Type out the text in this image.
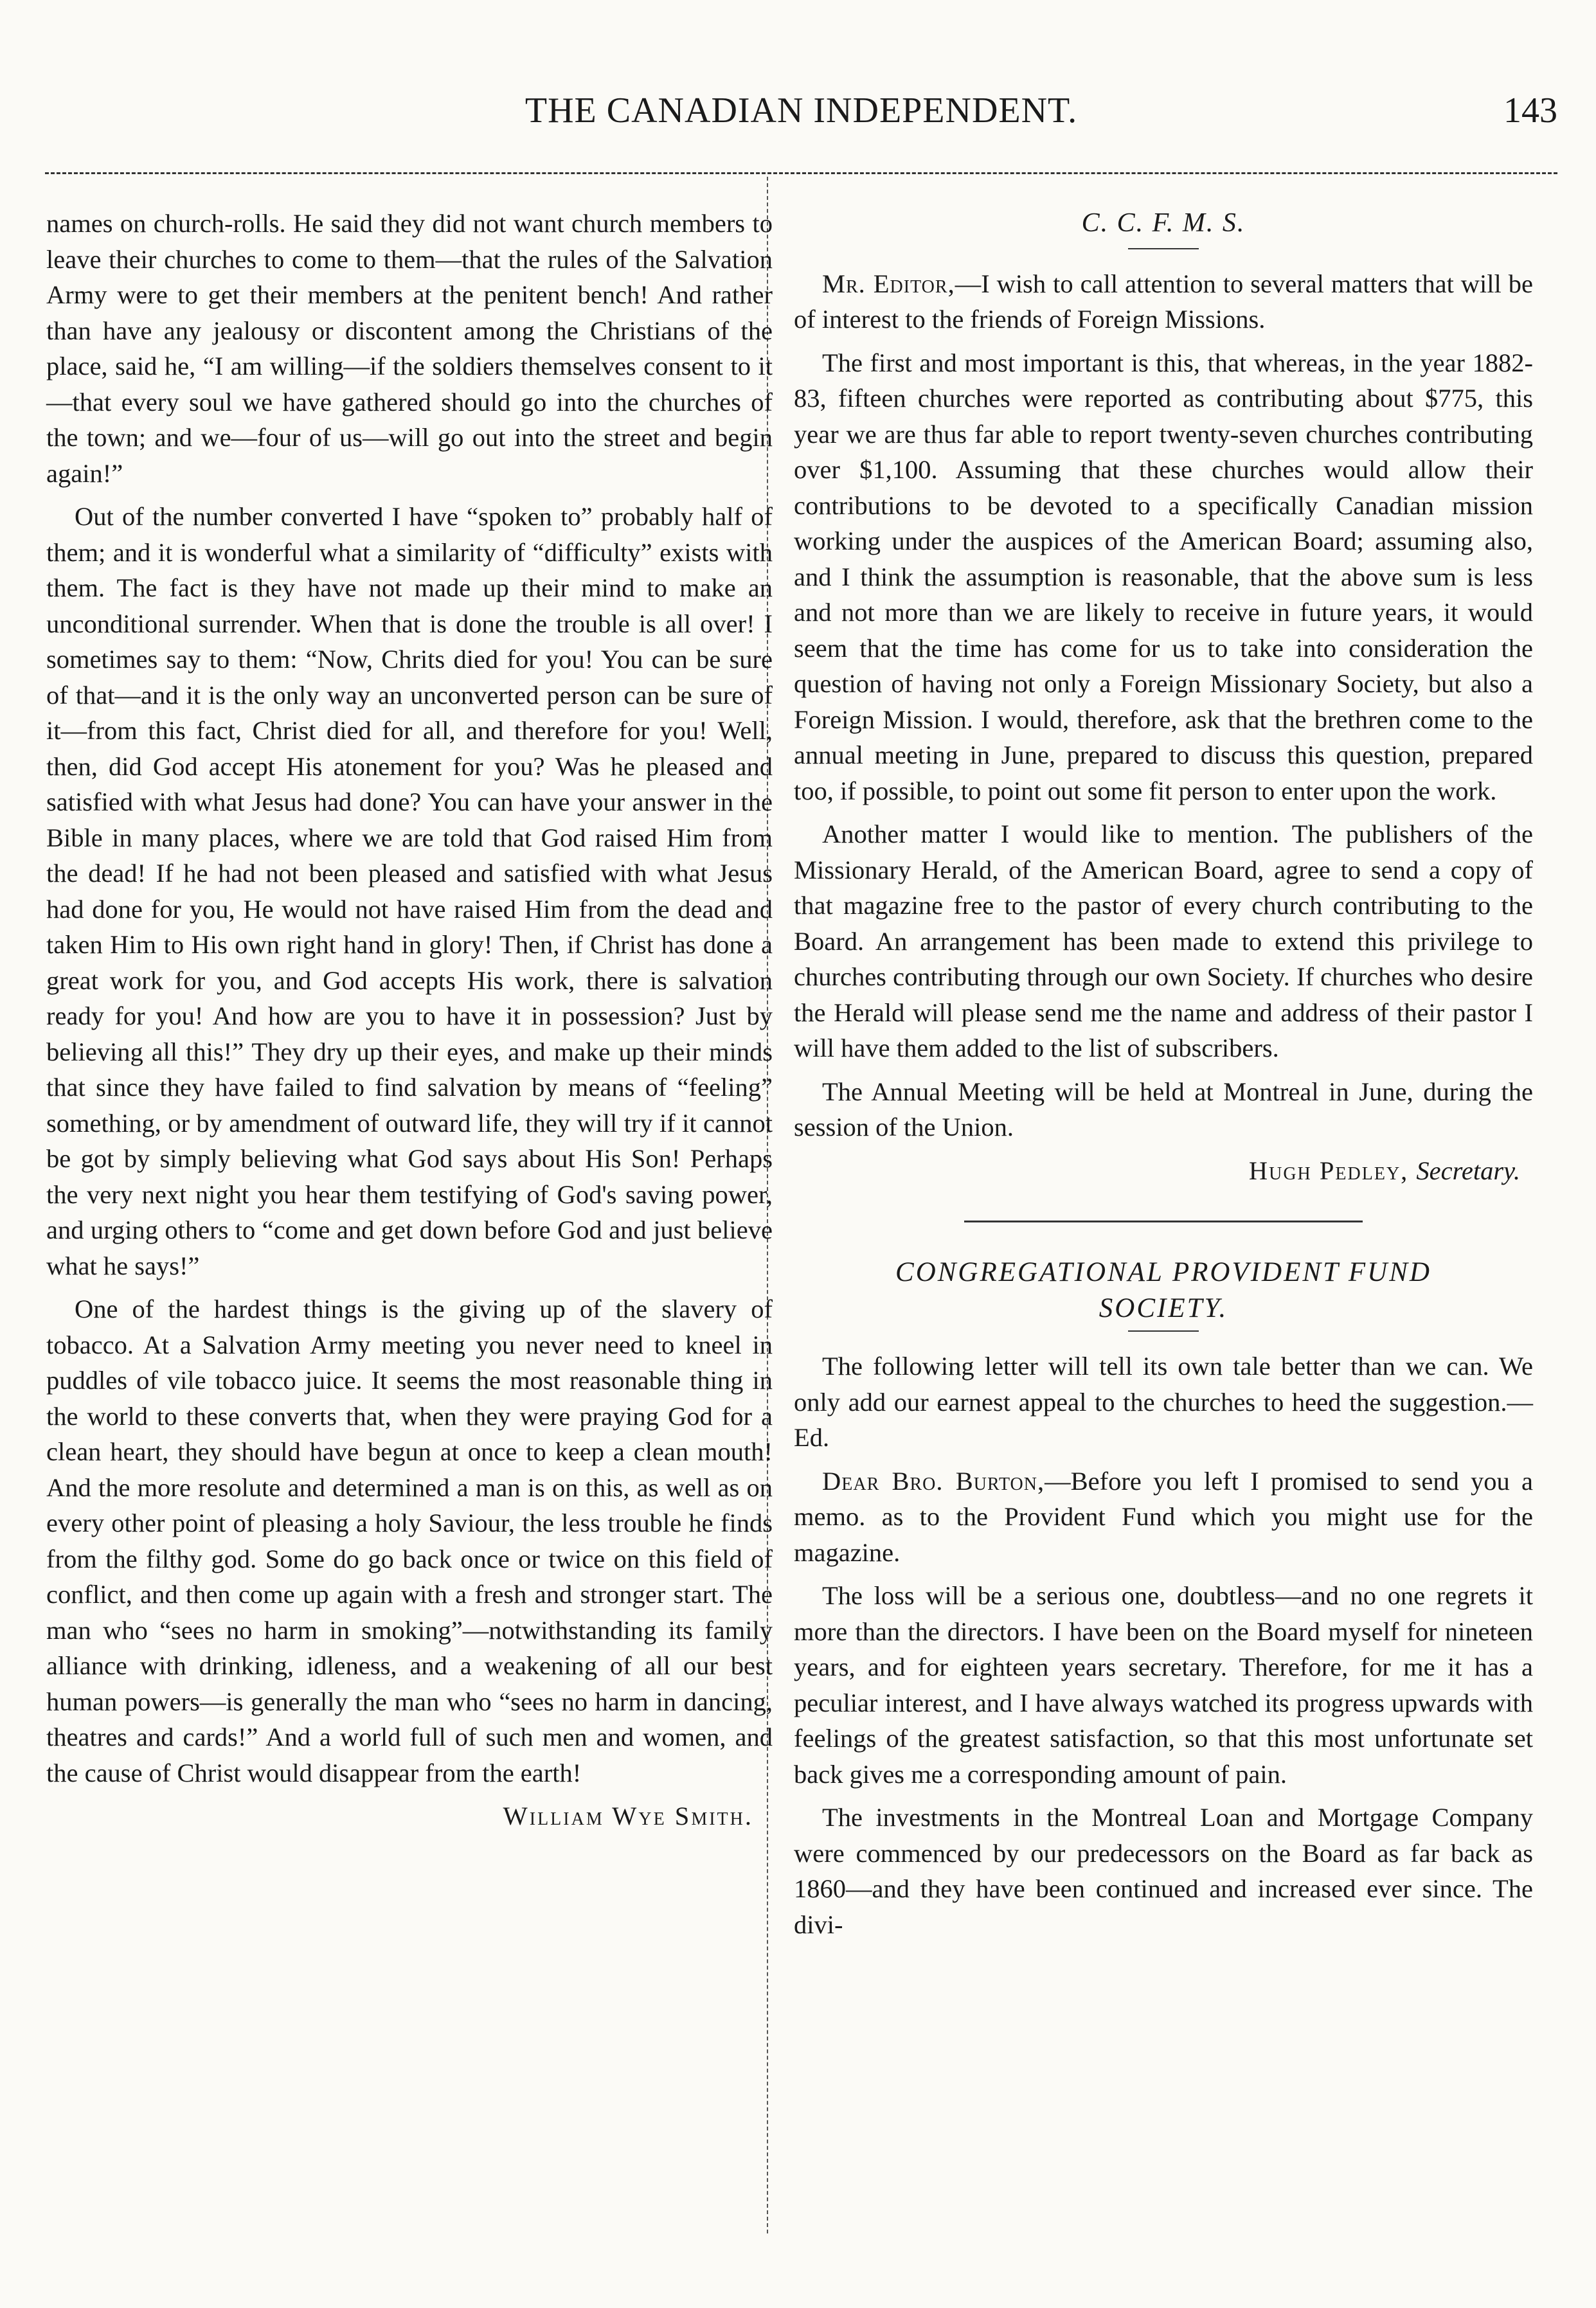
THE CANADIAN INDEPENDENT.	143

names on church-rolls. He said they did not want church members to leave their churches to come to them—that the rules of the Salvation Army were to get their members at the penitent bench! And rather than have any jealousy or discontent among the Christians of the place, said he, “I am willing—if the soldiers themselves consent to it—that every soul we have gathered should go into the churches of the town; and we—four of us—will go out into the street and begin again!”

Out of the number converted I have “spoken to” probably half of them; and it is wonderful what a similarity of “difficulty” exists with them. The fact is they have not made up their mind to make an unconditional surrender. When that is done the trouble is all over! I sometimes say to them: “Now, Chrits died for you! You can be sure of that—and it is the only way an unconverted person can be sure of it—from this fact, Christ died for all, and therefore for you! Well, then, did God accept His atonement for you? Was he pleased and satisfied with what Jesus had done? You can have your answer in the Bible in many places, where we are told that God raised Him from the dead! If he had not been pleased and satisfied with what Jesus had done for you, He would not have raised Him from the dead and taken Him to His own right hand in glory! Then, if Christ has done a great work for you, and God accepts His work, there is salvation ready for you! And how are you to have it in possession? Just by believing all this!” They dry up their eyes, and make up their minds that since they have failed to find salvation by means of “feeling” something, or by amendment of outward life, they will try if it cannot be got by simply believing what God says about His Son! Perhaps the very next night you hear them testifying of God's saving power, and urging others to “come and get down before God and just believe what he says!”

One of the hardest things is the giving up of the slavery of tobacco. At a Salvation Army meeting you never need to kneel in puddles of vile tobacco juice. It seems the most reasonable thing in the world to these converts that, when they were praying God for a clean heart, they should have begun at once to keep a clean mouth! And the more resolute and determined a man is on this, as well as on every other point of pleasing a holy Saviour, the less trouble he finds from the filthy god. Some do go back once or twice on this field of conflict, and then come up again with a fresh and stronger start. The man who “sees no harm in smoking”—notwithstanding its family alliance with drinking, idleness, and a weakening of all our best human powers—is generally the man who “sees no harm in dancing, theatres and cards!” And a world full of such men and women, and the cause of Christ would disappear from the earth!

William Wye Smith.
C. C. F. M. S.

Mr. Editor,—I wish to call attention to several matters that will be of interest to the friends of Foreign Missions.

The first and most important is this, that whereas, in the year 1882-83, fifteen churches were reported as contributing about $775, this year we are thus far able to report twenty-seven churches contributing over $1,100. Assuming that these churches would allow their contributions to be devoted to a specifically Canadian mission working under the auspices of the American Board; assuming also, and I think the assumption is reasonable, that the above sum is less and not more than we are likely to receive in future years, it would seem that the time has come for us to take into consideration the question of having not only a Foreign Missionary Society, but also a Foreign Mission. I would, therefore, ask that the brethren come to the annual meeting in June, prepared to discuss this question, prepared too, if possible, to point out some fit person to enter upon the work.

Another matter I would like to mention. The publishers of the Missionary Herald, of the American Board, agree to send a copy of that magazine free to the pastor of every church contributing to the Board. An arrangement has been made to extend this privilege to churches contributing through our own Society. If churches who desire the Herald will please send me the name and address of their pastor I will have them added to the list of subscribers.

The Annual Meeting will be held at Montreal in June, during the session of the Union.

Hugh Pedley, Secretary.
CONGREGATIONAL PROVIDENT FUND
SOCIETY.

The following letter will tell its own tale better than we can. We only add our earnest appeal to the churches to heed the suggestion.—Ed.

Dear Bro. Burton,—Before you left I promised to send you a memo. as to the Provident Fund which you might use for the magazine.

The loss will be a serious one, doubtless—and no one regrets it more than the directors. I have been on the Board myself for nineteen years, and for eighteen years secretary. Therefore, for me it has a peculiar interest, and I have always watched its progress upwards with feelings of the greatest satisfaction, so that this most unfortunate set back gives me a corresponding amount of pain.

The investments in the Montreal Loan and Mortgage Company were commenced by our predecessors on the Board as far back as 1860—and they have been continued and increased ever since. The divi-
